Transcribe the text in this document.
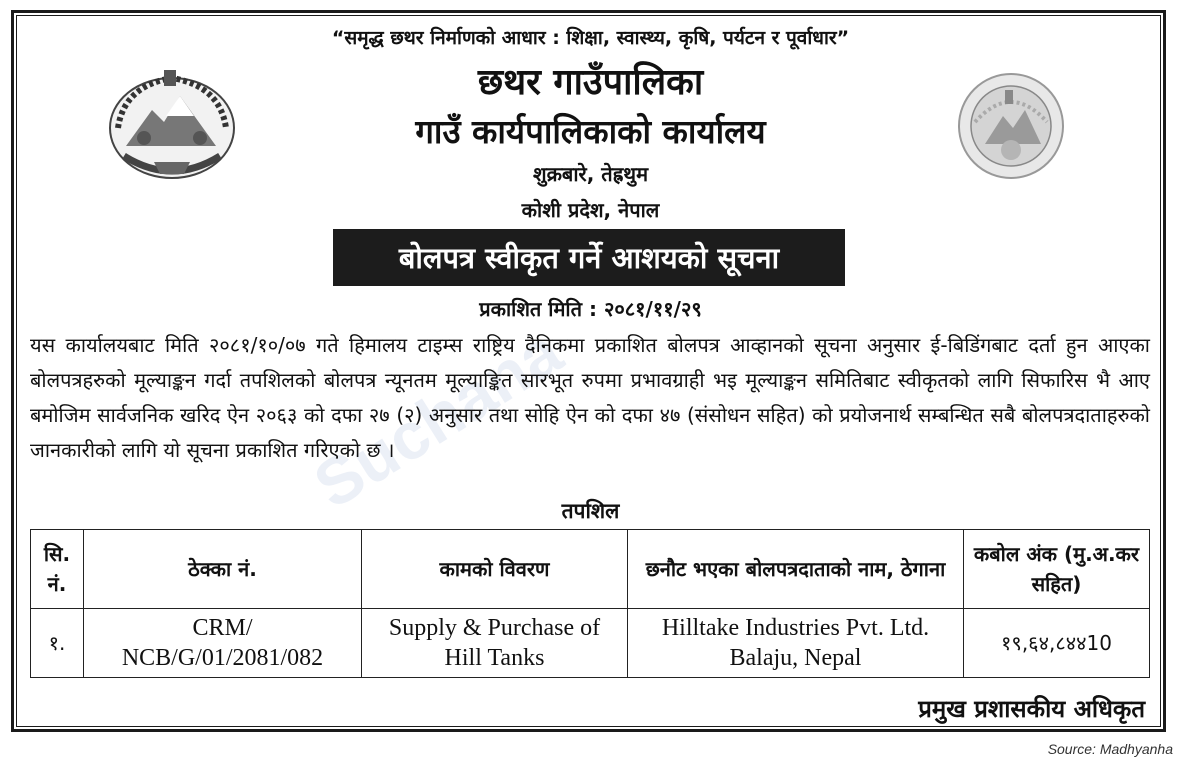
Suchana
“समृद्ध छथर निर्माणको आधार : शिक्षा, स्वास्थ्य, कृषि, पर्यटन र पूर्वाधार”
छथर गाउँपालिका
गाउँ कार्यपालिकाको कार्यालय
शुक्रबारे, तेह्रथुम
कोशी प्रदेश, नेपाल
बोलपत्र स्वीकृत गर्ने आशयको सूचना
प्रकाशित मिति : २०८१/११/२९
यस कार्यालयबाट मिति २०८१/१०/०७ गते हिमालय टाइम्स राष्ट्रिय दैनिकमा प्रकाशित बोलपत्र आव्हानको सूचना अनुसार ई-बिडिंगबाट दर्ता हुन आएका बोलपत्रहरुको मूल्याङ्कन गर्दा तपशिलको बोलपत्र न्यूनतम मूल्याङ्कित सारभूत रुपमा प्रभावग्राही भइ मूल्याङ्कन समितिबाट स्वीकृतको लागि सिफारिस भै आए बमोजिम सार्वजनिक खरिद ऐन २०६३ को दफा २७ (२) अनुसार तथा सोहि ऐन को दफा ४७ (संसोधन सहित) को प्रयोजनार्थ सम्बन्धित सबै बोलपत्रदाताहरुको जानकारीको लागि यो सूचना प्रकाशित गरिएको छ ।
तपशिल
सि. नं.	ठेक्का नं.	कामको विवरण	छनौट भएका बोलपत्रदाताको नाम, ठेगाना	कबोल अंक (मु.अ.कर सहित)
१.	CRM/ NCB/G/01/2081/082	Supply & Purchase of Hill Tanks	Hilltake Industries Pvt. Ltd. Balaju, Nepal	१९,६४,८४४10
प्रमुख प्रशासकीय अधिकृत
Source: Madhyanha
